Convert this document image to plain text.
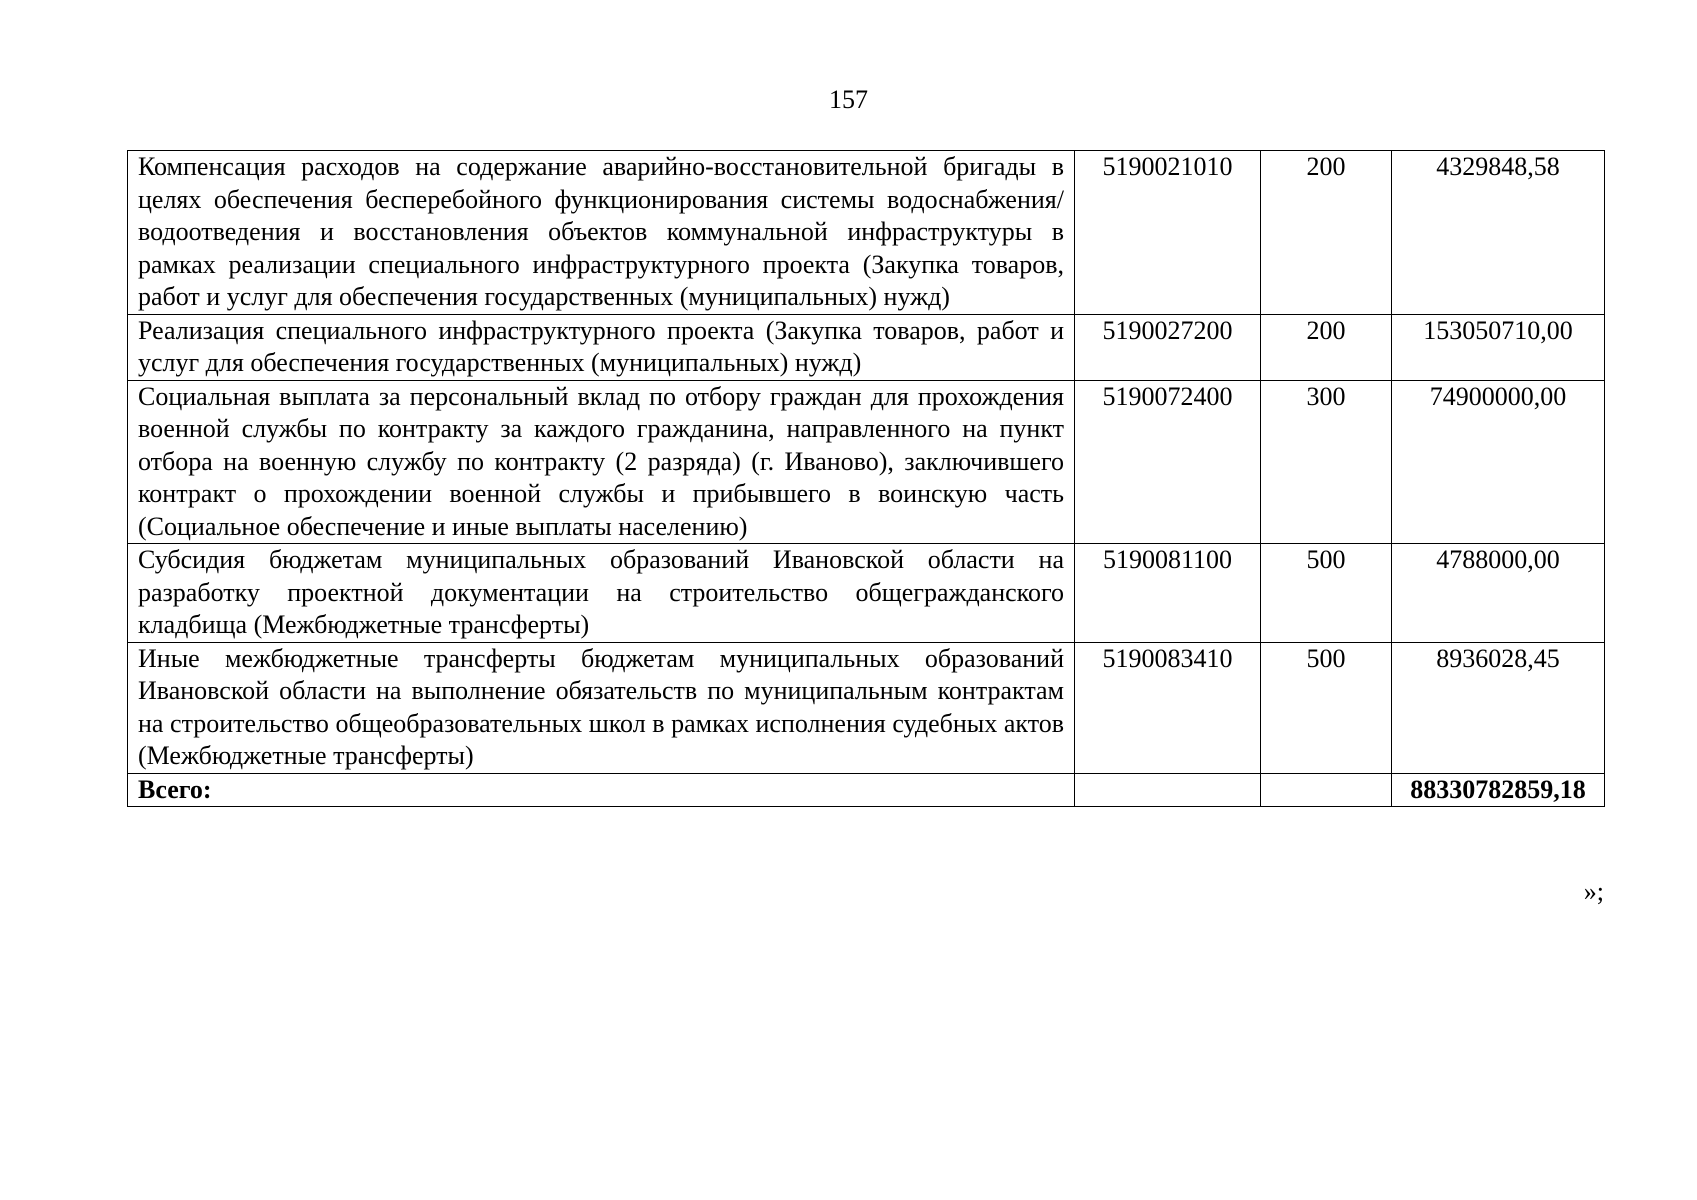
157
Компенсация расходов на содержание аварийно-восстановительной бригады в целях обеспечения бесперебойного функционирования системы водоснабжения/водоотведения и восстановления объектов коммунальной инфраструктуры в рамках реализации специального инфраструктурного проекта (Закупка товаров, работ и услуг для обеспечения государственных (муниципальных) нужд)	5190021010	200	4329848,58
Реализация специального инфраструктурного проекта (Закупка товаров, работ и услуг для обеспечения государственных (муниципальных) нужд)	5190027200	200	153050710,00
Социальная выплата за персональный вклад по отбору граждан для прохождения военной службы по контракту за каждого гражданина, направленного на пункт отбора на военную службу по контракту (2 разряда) (г. Иваново), заключившего контракт о прохождении военной службы и прибывшего в воинскую часть (Социальное обеспечение и иные выплаты населению)	5190072400	300	74900000,00
Субсидия бюджетам муниципальных образований Ивановской области на разработку проектной документации на строительство общегражданского кладбища (Межбюджетные трансферты)	5190081100	500	4788000,00
Иные межбюджетные трансферты бюджетам муниципальных образований Ивановской области на выполнение обязательств по муниципальным контрактам на строительство общеобразовательных школ в рамках исполнения судебных актов (Межбюджетные трансферты)	5190083410	500	8936028,45
Всего:			88330782859,18
»;
